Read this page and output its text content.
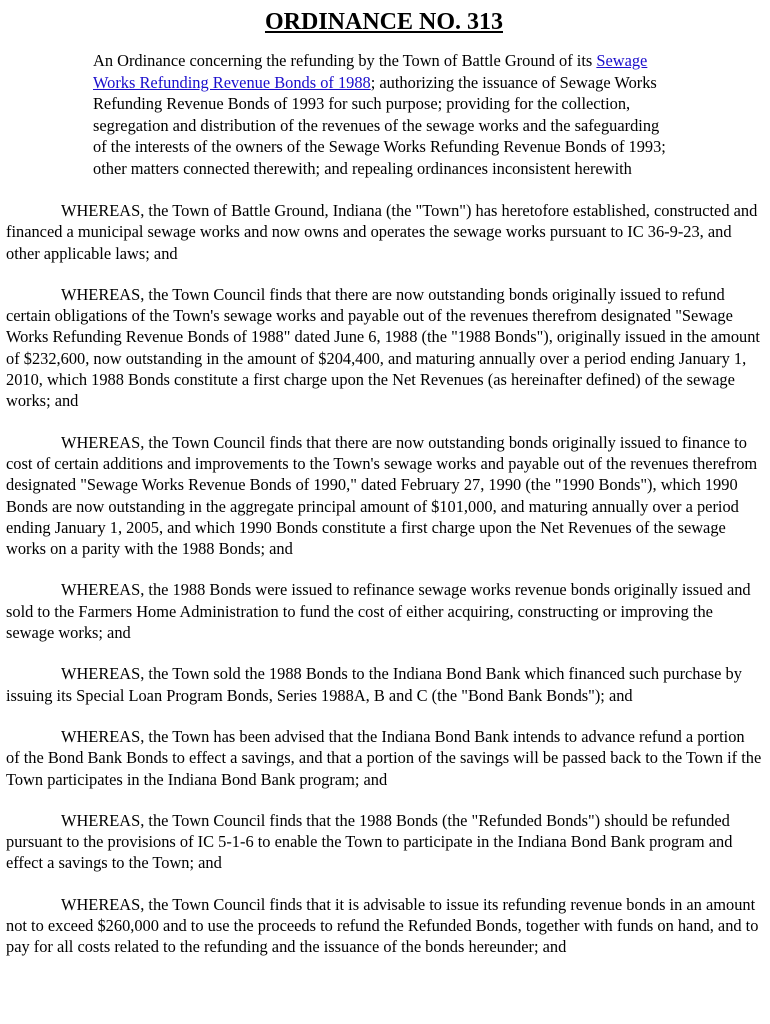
ORDINANCE NO. 313
An Ordinance concerning the refunding by the Town of Battle Ground of its Sewage Works Refunding Revenue Bonds of 1988; authorizing the issuance of Sewage Works Refunding Revenue Bonds of 1993 for such purpose; providing for the collection, segregation and distribution of the revenues of the sewage works and the safeguarding of the interests of the owners of the Sewage Works Refunding Revenue Bonds of 1993; other matters connected therewith; and repealing ordinances inconsistent herewith
WHEREAS, the Town of Battle Ground, Indiana (the "Town") has heretofore established, constructed and financed a municipal sewage works and now owns and operates the sewage works pursuant to IC 36-9-23, and other applicable laws; and
WHEREAS, the Town Council finds that there are now outstanding bonds originally issued to refund certain obligations of the Town's sewage works and payable out of the revenues therefrom designated "Sewage Works Refunding Revenue Bonds of 1988" dated June 6, 1988 (the "1988 Bonds"), originally issued in the amount of $232,600, now outstanding in the amount of $204,400, and maturing annually over a period ending January 1, 2010, which 1988 Bonds constitute a first charge upon the Net Revenues (as hereinafter defined) of the sewage works; and
WHEREAS, the Town Council finds that there are now outstanding bonds originally issued to finance to cost of certain additions and improvements to the Town's sewage works and payable out of the revenues therefrom designated "Sewage Works Revenue Bonds of 1990," dated February 27, 1990 (the "1990 Bonds"), which 1990 Bonds are now outstanding in the aggregate principal amount of $101,000, and maturing annually over a period ending January 1, 2005, and which 1990 Bonds constitute a first charge upon the Net Revenues of the sewage works on a parity with the 1988 Bonds; and
WHEREAS, the 1988 Bonds were issued to refinance sewage works revenue bonds originally issued and sold to the Farmers Home Administration to fund the cost of either acquiring, constructing or improving the sewage works; and
WHEREAS, the Town sold the 1988 Bonds to the Indiana Bond Bank which financed such purchase by issuing its Special Loan Program Bonds, Series 1988A, B and C (the "Bond Bank Bonds"); and
WHEREAS, the Town has been advised that the Indiana Bond Bank intends to advance refund a portion of the Bond Bank Bonds to effect a savings, and that a portion of the savings will be passed back to the Town if the Town participates in the Indiana Bond Bank program; and
WHEREAS, the Town Council finds that the 1988 Bonds (the "Refunded Bonds") should be refunded pursuant to the provisions of IC 5-1-6 to enable the Town to participate in the Indiana Bond Bank program and effect a savings to the Town; and
WHEREAS, the Town Council finds that it is advisable to issue its refunding revenue bonds in an amount not to exceed $260,000 and to use the proceeds to refund the Refunded Bonds, together with funds on hand, and to pay for all costs related to the refunding and the issuance of the bonds hereunder; and
